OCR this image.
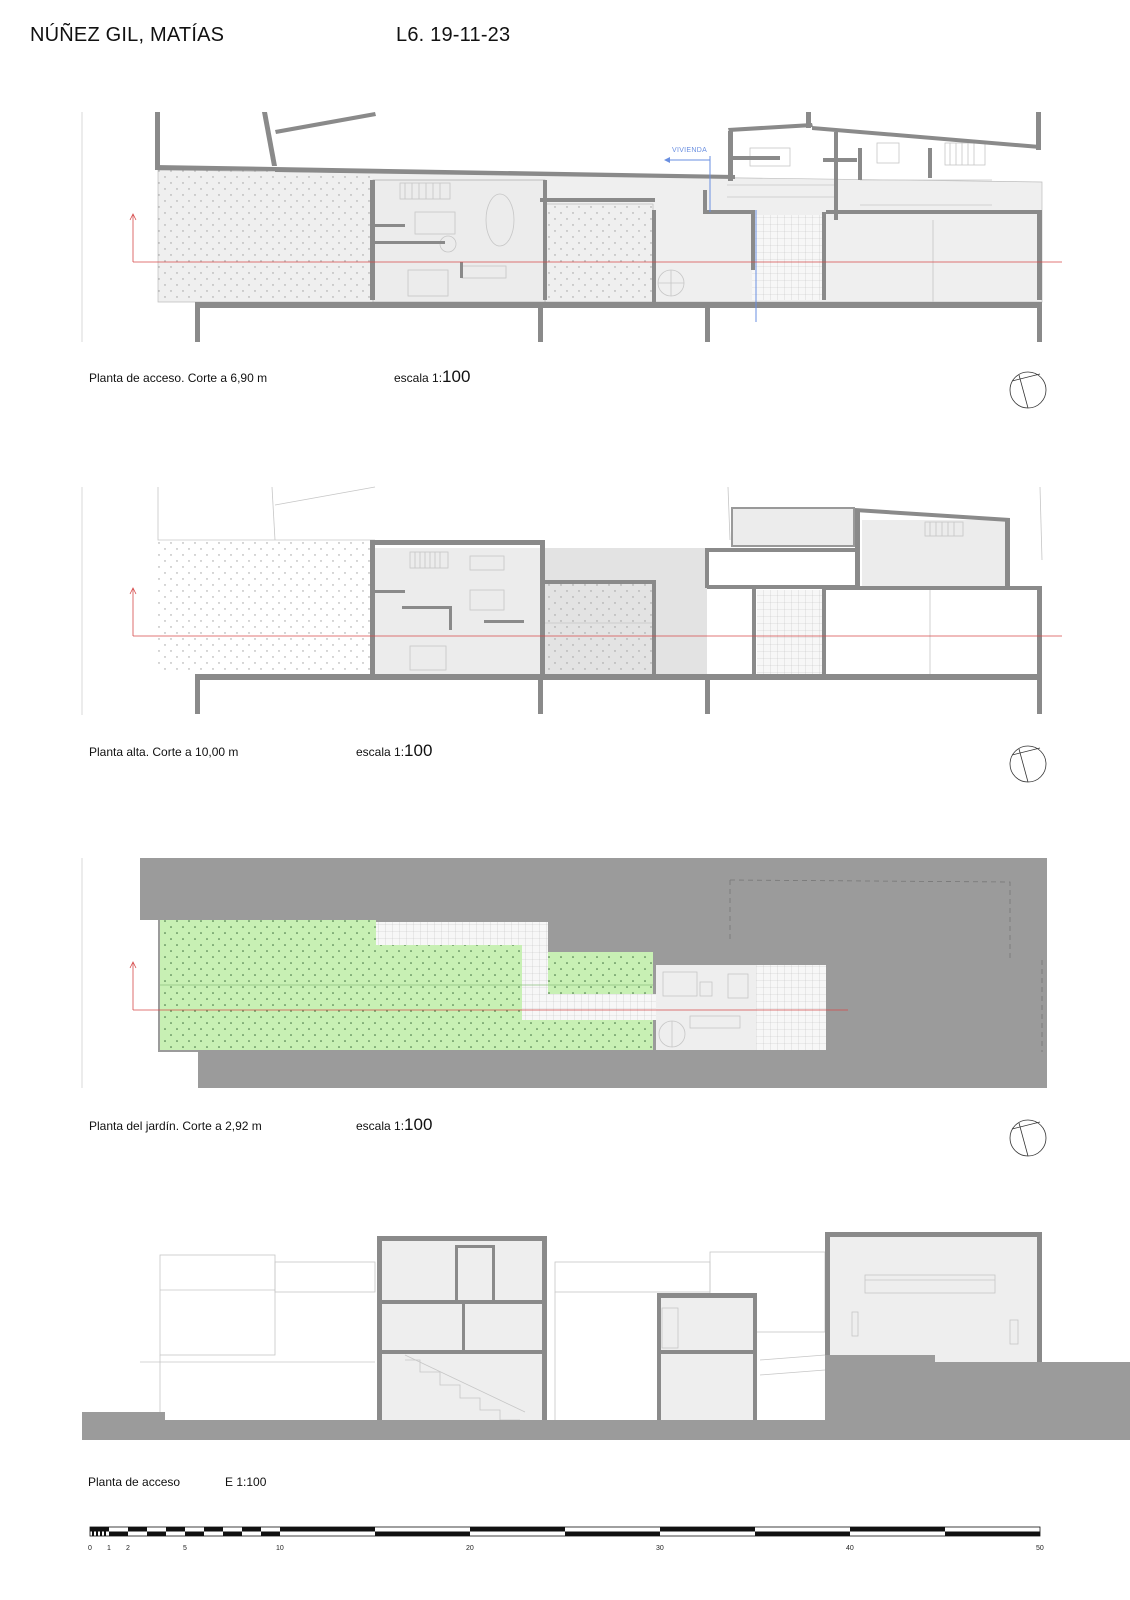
NÚÑEZ GIL, MATÍAS	L6. 19-11-23
VIVIENDA
Planta de acceso. Corte a 6,90 m	escala 1:100
Planta alta. Corte a 10,00 m	escala 1:100
Planta del jardín. Corte a 2,92 m	escala 1:100
Planta de acceso	E 1:100
0 1 2	5	10	20	30	40	50
